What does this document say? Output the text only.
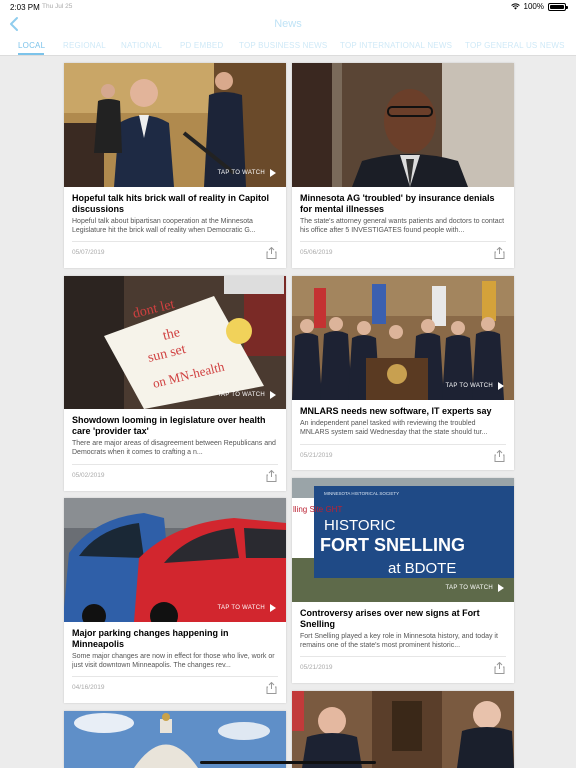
2:03 PM Thu Jul 25	100%
News
LOCAL REGIONAL NATIONAL PD EMBED TOP BUSINESS NEWS TOP INTERNATIONAL NEWS TOP GENERAL US NEWS
TAP TO WATCH
Hopeful talk hits brick wall of reality in Capitol discussions
Hopeful talk about bipartisan cooperation at the Minnesota Legislature hit the brick wall of reality when Democratic G...
05/07/2019
Minnesota AG 'troubled' by insurance denials for mental illnesses
The state's attorney general wants patients and doctors to contact his office after 5 INVESTIGATES found people with...
05/06/2019
dont let
the
sun set
on MN-health
TAP TO WATCH
Showdown looming in legislature over health care 'provider tax'
There are major areas of disagreement between Republicans and Democrats when it comes to crafting a n...
05/02/2019
TAP TO WATCH
MNLARS needs new software, IT experts say
An independent panel tasked with reviewing the troubled MNLARS system said Wednesday that the state should tur...
05/21/2019
TAP TO WATCH
Major parking changes happening in Minneapolis
Some major changes are now in effect for those who live, work or just visit downtown Minneapolis. The changes rev...
04/16/2019
MINNESOTA HISTORICAL SOCIETY
HISTORIC
FORT SNELLING
at BDOTE
lling Site GHT
TAP TO WATCH
Controversy arises over new signs at Fort Snelling
Fort Snelling played a key role in Minnesota history, and today it remains one of the state's most prominent historic...
05/21/2019
